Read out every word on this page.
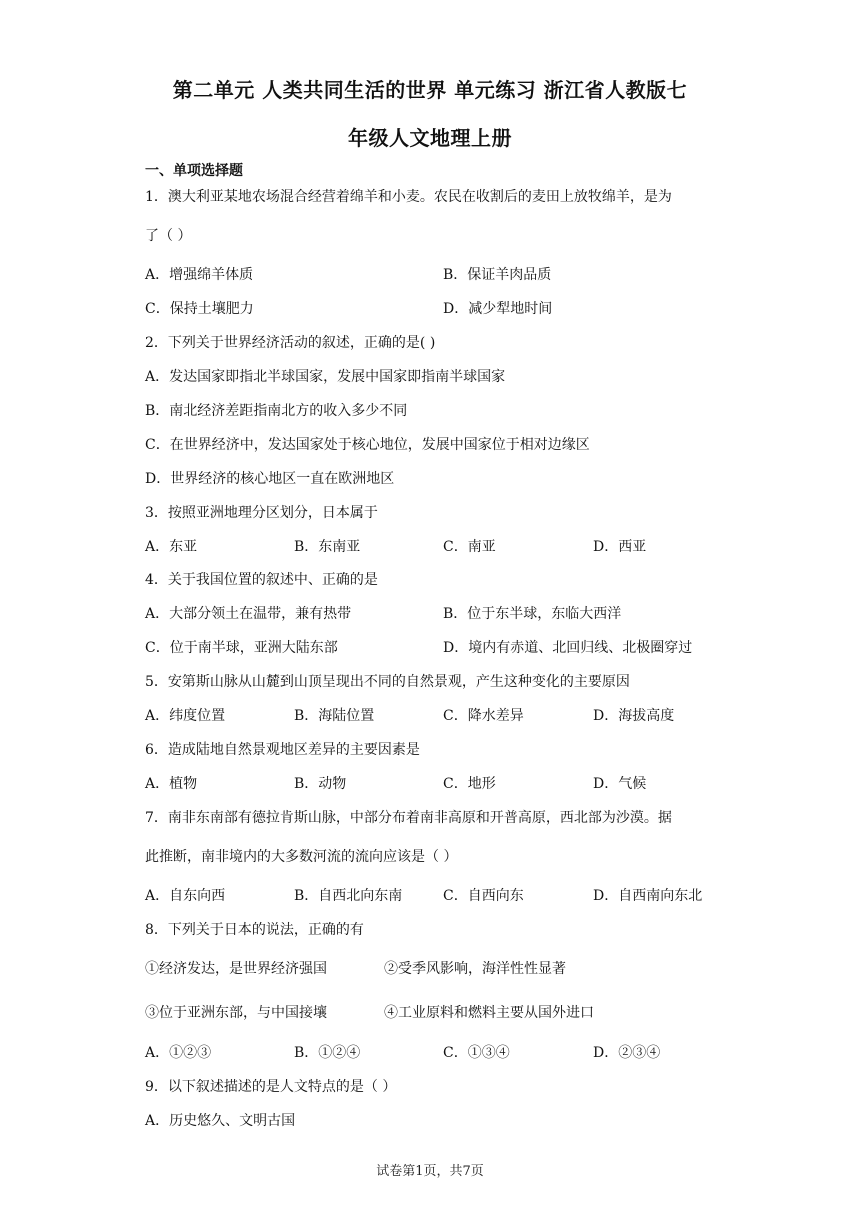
第二单元 人类共同生活的世界 单元练习 浙江省人教版七
年级人文地理上册
一、单项选择题
1．澳大利亚某地农场混合经营着绵羊和小麦。农民在收割后的麦田上放牧绵羊，是为
了（ ）
A．增强绵羊体质	B．保证羊肉品质
C．保持土壤肥力	D．减少犁地时间
2．下列关于世界经济活动的叙述，正确的是( )
A．发达国家即指北半球国家，发展中国家即指南半球国家
B．南北经济差距指南北方的收入多少不同
C．在世界经济中，发达国家处于核心地位，发展中国家位于相对边缘区
D．世界经济的核心地区一直在欧洲地区
3．按照亚洲地理分区划分，日本属于
A．东亚	B．东南亚	C．南亚	D．西亚
4．关于我国位置的叙述中、正确的是
A．大部分领土在温带，兼有热带	B．位于东半球，东临大西洋
C．位于南半球，亚洲大陆东部	D．境内有赤道、北回归线、北极圈穿过
5．安第斯山脉从山麓到山顶呈现出不同的自然景观，产生这种变化的主要原因
A．纬度位置	B．海陆位置	C．降水差异	D．海拔高度
6．造成陆地自然景观地区差异的主要因素是
A．植物	B．动物	C．地形	D．气候
7．南非东南部有德拉肯斯山脉，中部分布着南非高原和开普高原，西北部为沙漠。据
此推断，南非境内的大多数河流的流向应该是（ ）
A．自东向西	B．自西北向东南	C．自西向东	D．自西南向东北
8．下列关于日本的说法，正确的有
①经济发达，是世界经济强国	②受季风影响，海洋性性显著
③位于亚洲东部，与中国接壤	④工业原料和燃料主要从国外进口
A．①②③	B．①②④	C．①③④	D．②③④
9．以下叙述描述的是人文特点的是（ ）
A．历史悠久、文明古国
试卷第1页，共7页
